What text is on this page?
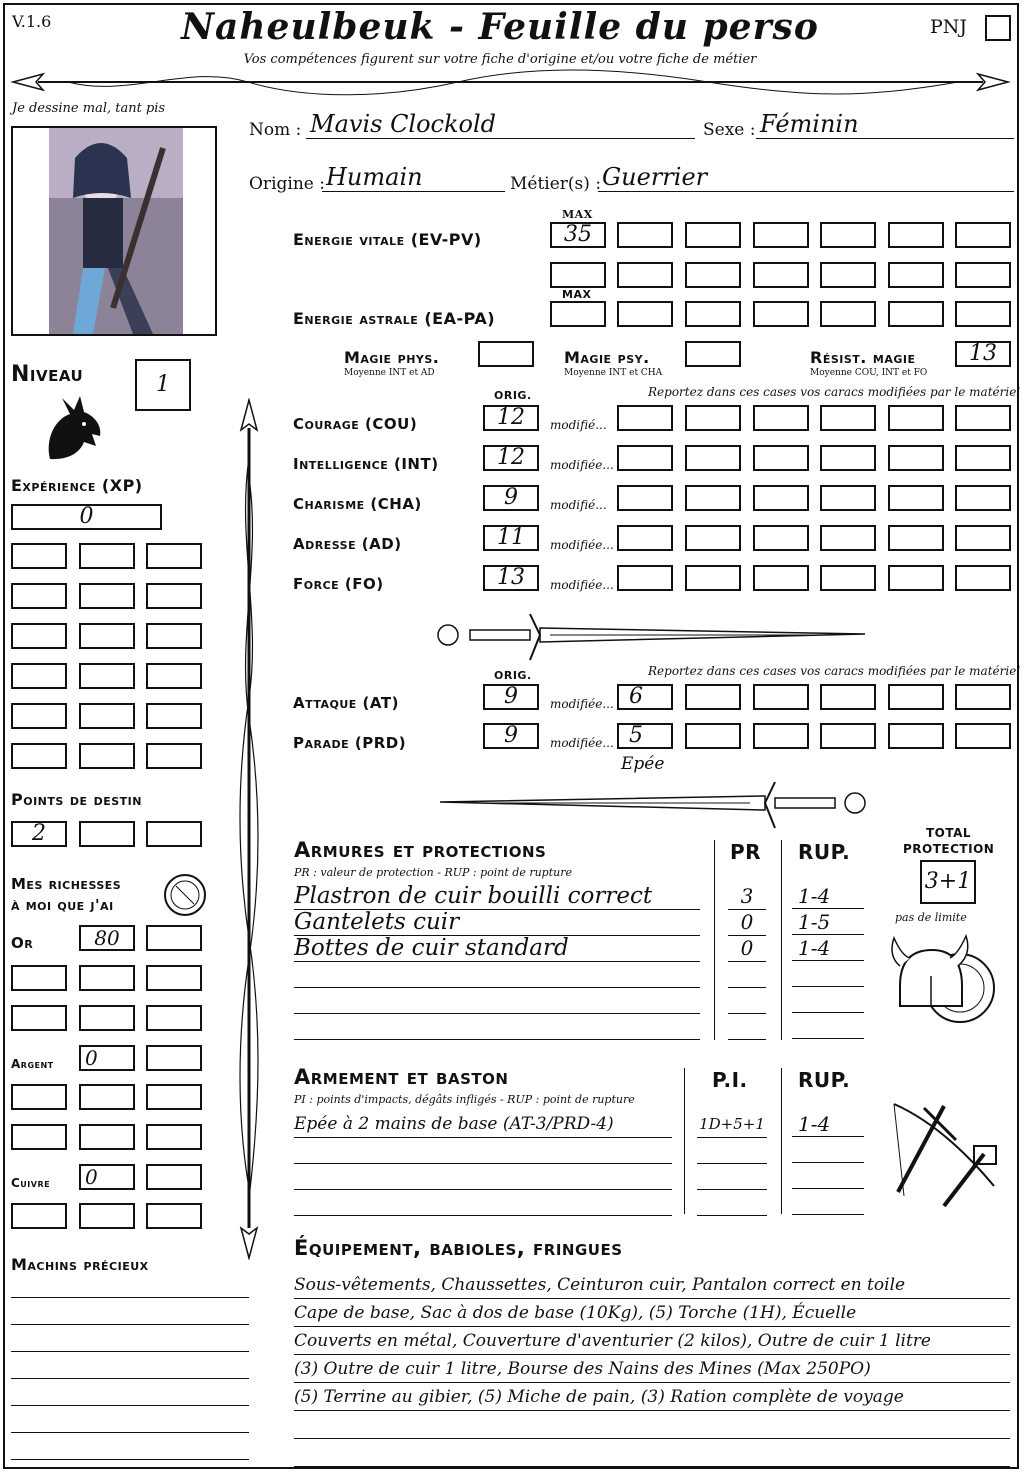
V.1.6	Naheulbeuk - Feuille du perso
Vos compétences figurent sur votre fiche d'origine et/ou votre fiche de métier
PNJ
Je dessine mal, tant pis
Nom : Mavis Clockold	Sexe : Féminin
Origine : Humain	Métier(s) : Guerrier
MAX
Energie vitale (EV-PV)	35
MAX
Energie astrale (EA-PA)
Magie phys.
Moyenne INT et AD
Magie psy.
Moyenne INT et CHA
Résist. magie
Moyenne COU, INT et FO
13
Niveau	1
Expérience (XP)
0
Points de destin
2
Mes richesses
à moi que j'ai
Or	80
Argent	0
Cuivre	0
Machins précieux
ORIG.	Reportez dans ces cases vos caracs modifiées par le matériel
ORIG.	Reportez dans ces cases vos caracs modifiées par le matériel
Attaque (AT)	9	modifiée... 6
Parade (PRD)	9	modifiée... 5
Epée
Armures et protections
PR : valeur de protection - RUP : point de rupture
PR RUP.
TOTAL
PROTECTION
3+1
pas de limite
Armement et baston
PI : points d'impacts, dégâts infligés - RUP : point de rupture
P.I.	RUP.
Équipement, babioles, fringues
Courage (COU)	12	modifié...
Intelligence (INT)	12	modifiée...
Charisme (CHA)	9	modifié...
Adresse (AD)	11	modifiée...
Force (FO)	13	modifiée...
Plastron de cuir bouilli correct	3	1-4
Gantelets cuir	0	1-5
Bottes de cuir standard	0	1-4
Epée à 2 mains de base (AT-3/PRD-4)	1D+5+1	1-4
Sous-vêtements, Chaussettes, Ceinturon cuir, Pantalon correct en toile
Cape de base, Sac à dos de base (10Kg), (5) Torche (1H), Écuelle
Couverts en métal, Couverture d'aventurier (2 kilos), Outre de cuir 1 litre
(3) Outre de cuir 1 litre, Bourse des Nains des Mines (Max 250PO)
(5) Terrine au gibier, (5) Miche de pain, (3) Ration complète de voyage
